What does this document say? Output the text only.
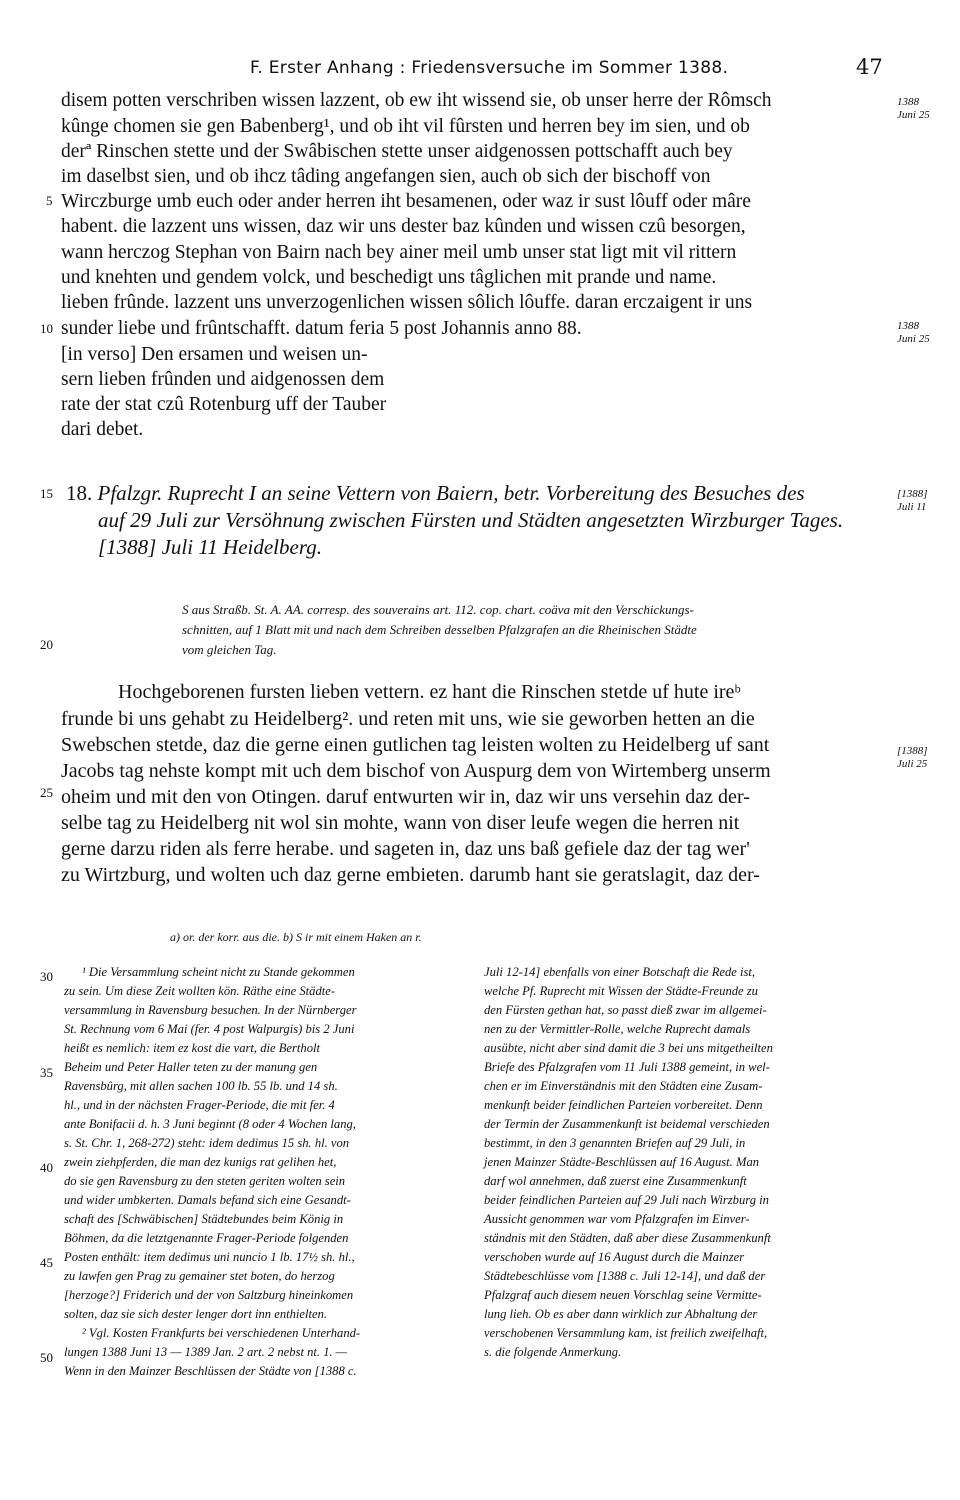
F. Erster Anhang : Friedensversuche im Sommer 1388.	47
disem potten verschriben wissen lazzent, ob ew iht wissend sie, ob unser herre der Rômsch
kûnge chomen sie gen Babenberg¹, und ob iht vil fûrsten und herren bey im sien, und ob
derª Rinschen stette und der Swâbischen stette unser aidgenossen pottschafft auch bey
im daselbst sien, und ob ihcz tâding angefangen sien, auch ob sich der bischoff von
Wirczburge umb euch oder ander herren iht besamenen, oder waz ir sust lôuff oder mâre
habent. die lazzent uns wissen, daz wir uns dester baz kûnden und wissen czû besorgen,
wann herczog Stephan von Bairn nach bey ainer meil umb unser stat ligt mit vil rittern
und knehten und gendem volck, und beschedigt uns tâglichen mit prande und name.
lieben frûnde. lazzent uns unverzogenlichen wissen sôlich lôuffe. daran erczaigent ir uns
sunder liebe und frûntschafft. datum feria 5 post Johannis anno 88.
[in verso] Den ersamen und weisen un-
sern lieben frûnden und aidgenossen dem
rate der stat czû Rotenburg uff der Tauber
dari debet.
5
10
15
20
25
1388
Juni 25
1388
Juni 25
[1388]
Juli 11
[1388]
Juli 25
18. Pfalzgr. Ruprecht I an seine Vettern von Baiern, betr. Vorbereitung des Besuches des
auf 29 Juli zur Versöhnung zwischen Fürsten und Städten angesetzten Wirzburger Tages.
[1388] Juli 11 Heidelberg.
S aus Straßb. St. A. AA. corresp. des souverains art. 112. cop. chart. coäva mit den Verschickungs-
schnitten, auf 1 Blatt mit und nach dem Schreiben desselben Pfalzgrafen an die Rheinischen Städte
vom gleichen Tag.
Hochgeborenen fursten lieben vettern. ez hant die Rinschen stetde uf hute ireᵇ
frunde bi uns gehabt zu Heidelberg². und reten mit uns, wie sie geworben hetten an die
Swebschen stetde, daz die gerne einen gutlichen tag leisten wolten zu Heidelberg uf sant
Jacobs tag nehste kompt mit uch dem bischof von Auspurg dem von Wirtemberg unserm
oheim und mit den von Otingen. daruf entwurten wir in, daz wir uns versehin daz der-
selbe tag zu Heidelberg nit wol sin mohte, wann von diser leufe wegen die herren nit
gerne darzu riden als ferre herabe. und sageten in, daz uns baß gefiele daz der tag wer'
zu Wirtzburg, und wolten uch daz gerne embieten. darumb hant sie geratslagit, daz der-
a) or. der korr. aus die. b) S ir mit einem Haken an r.
30
35
40
45
50
¹ Die Versammlung scheint nicht zu Stande gekommen
zu sein. Um diese Zeit wollten kön. Räthe eine Städte-
versammlung in Ravensburg besuchen. In der Nürnberger
St. Rechnung vom 6 Mai (fer. 4 post Walpurgis) bis 2 Juni
heißt es nemlich: item ez kost die vart, die Bertholt
Beheim und Peter Haller teten zu der manung gen
Ravensbûrg, mit allen sachen 100 lb. 55 lb. und 14 sh.
hl., und in der nächsten Frager-Periode, die mit fer. 4
ante Bonifacii d. h. 3 Juni beginnt (8 oder 4 Wochen lang,
s. St. Chr. 1, 268-272) steht: idem dedimus 15 sh. hl. von
zwein ziehpferden, die man dez kunigs rat gelihen het,
do sie gen Ravensburg zu den steten geriten wolten sein
und wider umbkerten. Damals befand sich eine Gesandt-
schaft des [Schwäbischen] Städtebundes beim König in
Böhmen, da die letztgenannte Frager-Periode folgenden
Posten enthält: item dedimus uni nuncio 1 lb. 17½ sh. hl.,
zu lawfen gen Prag zu gemainer stet boten, do herzog
[herzoge?] Friderich und der von Saltzburg hineinkomen
solten, daz sie sich dester lenger dort inn enthielten.
² Vgl. Kosten Frankfurts bei verschiedenen Unterhand-
lungen 1388 Juni 13 — 1389 Jan. 2 art. 2 nebst nt. 1. —
Wenn in den Mainzer Beschlüssen der Städte von [1388 c.
Juli 12-14] ebenfalls von einer Botschaft die Rede ist,
welche Pf. Ruprecht mit Wissen der Städte-Freunde zu
den Fürsten gethan hat, so passt dieß zwar im allgemei-
nen zu der Vermittler-Rolle, welche Ruprecht damals
ausübte, nicht aber sind damit die 3 bei uns mitgetheilten
Briefe des Pfalzgrafen vom 11 Juli 1388 gemeint, in wel-
chen er im Einverständnis mit den Städten eine Zusam-
menkunft beider feindlichen Parteien vorbereitet. Denn
der Termin der Zusammenkunft ist beidemal verschieden
bestimmt, in den 3 genannten Briefen auf 29 Juli, in
jenen Mainzer Städte-Beschlüssen auf 16 August. Man
darf wol annehmen, daß zuerst eine Zusammenkunft
beider feindlichen Parteien auf 29 Juli nach Wirzburg in
Aussicht genommen war vom Pfalzgrafen im Einver-
ständnis mit den Städten, daß aber diese Zusammenkunft
verschoben wurde auf 16 August durch die Mainzer
Städtebeschlüsse vom [1388 c. Juli 12-14], und daß der
Pfalzgraf auch diesem neuen Vorschlag seine Vermitte-
lung lieh. Ob es aber dann wirklich zur Abhaltung der
verschobenen Versammlung kam, ist freilich zweifelhaft,
s. die folgende Anmerkung.
